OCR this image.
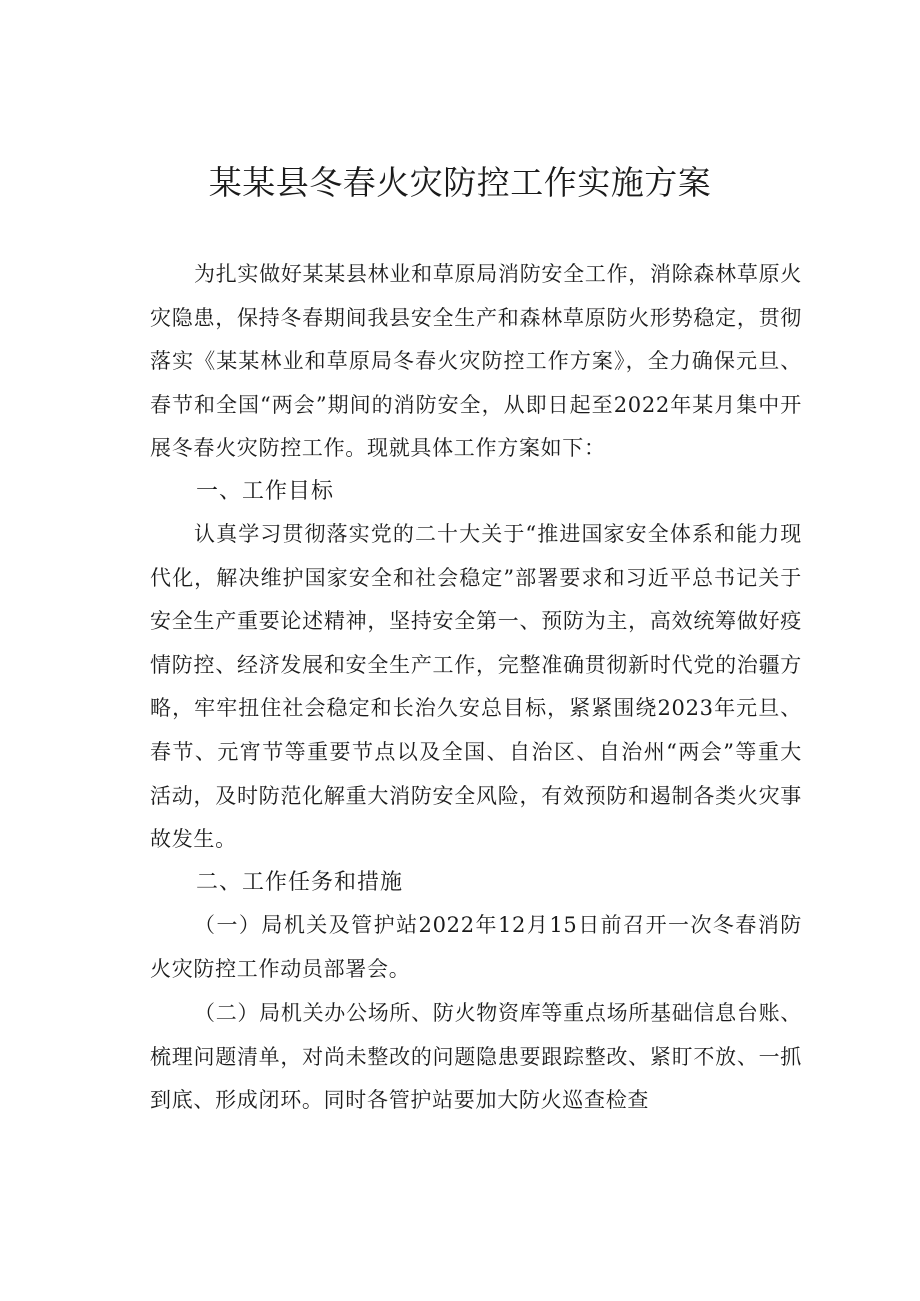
某某县冬春火灾防控工作实施方案

为扎实做好某某县林业和草原局消防安全工作，消除森林草原火灾隐患，保持冬春期间我县安全生产和森林草原防火形势稳定，贯彻落实《某某林业和草原局冬春火灾防控工作方案》，全力确保元旦、春节和全国“两会”期间的消防安全，从即日起至2022年某月集中开展冬春火灾防控工作。现就具体工作方案如下：

一、工作目标

认真学习贯彻落实党的二十大关于“推进国家安全体系和能力现代化，解决维护国家安全和社会稳定”部署要求和习近平总书记关于安全生产重要论述精神，坚持安全第一、预防为主，高效统筹做好疫情防控、经济发展和安全生产工作，完整准确贯彻新时代党的治疆方略，牢牢扭住社会稳定和长治久安总目标，紧紧围绕2023年元旦、春节、元宵节等重要节点以及全国、自治区、自治州“两会”等重大活动，及时防范化解重大消防安全风险，有效预防和遏制各类火灾事故发生。

二、工作任务和措施

（一）局机关及管护站2022年12月15日前召开一次冬春消防火灾防控工作动员部署会。

（二）局机关办公场所、防火物资库等重点场所基础信息台账、梳理问题清单，对尚未整改的问题隐患要跟踪整改、紧盯不放、一抓到底、形成闭环。同时各管护站要加大防火巡查检查
